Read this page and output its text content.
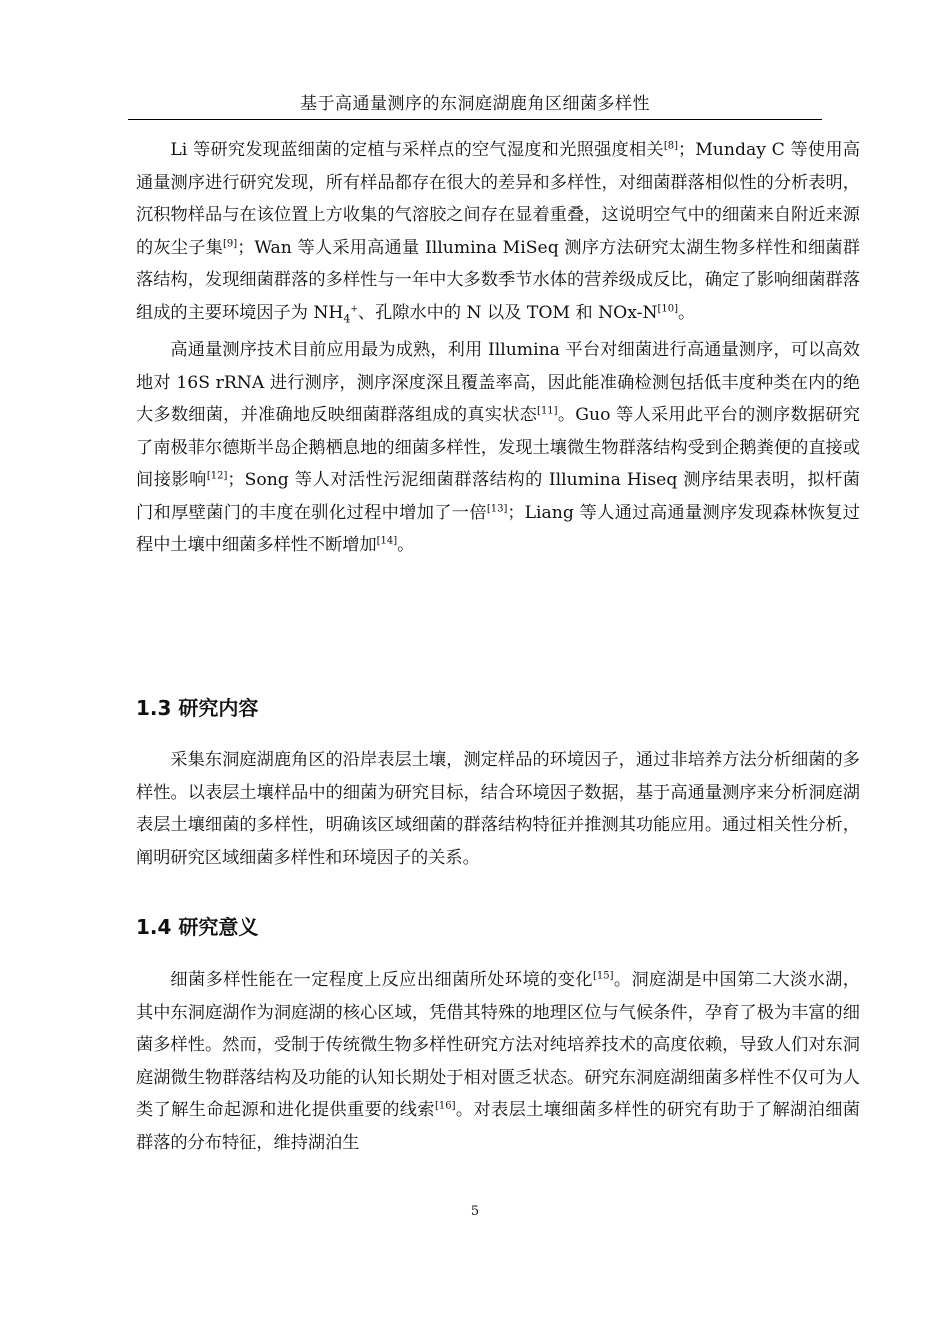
基于高通量测序的东洞庭湖鹿角区细菌多样性

Li 等研究发现蓝细菌的定植与采样点的空气湿度和光照强度相关[8]；Munday C 等使用高通量测序进行研究发现，所有样品都存在很大的差异和多样性，对细菌群落相似性的分析表明，沉积物样品与在该位置上方收集的气溶胶之间存在显着重叠，这说明空气中的细菌来自附近来源的灰尘子集[9]；Wan 等人采用高通量 Illumina MiSeq 测序方法研究太湖生物多样性和细菌群落结构，发现细菌群落的多样性与一年中大多数季节水体的营养级成反比，确定了影响细菌群落组成的主要环境因子为 $NH_4^+$、孔隙水中的 N 以及 TOM 和 NOx-N[10]。

高通量测序技术目前应用最为成熟，利用 Illumina 平台对细菌进行高通量测序，可以高效地对 16S rRNA 进行测序，测序深度深且覆盖率高，因此能准确检测包括低丰度种类在内的绝大多数细菌，并准确地反映细菌群落组成的真实状态[11]。Guo 等人采用此平台的测序数据研究了南极菲尔德斯半岛企鹅栖息地的细菌多样性，发现土壤微生物群落结构受到企鹅粪便的直接或间接影响[12]；Song 等人对活性污泥细菌群落结构的 Illumina Hiseq 测序结果表明，拟杆菌门和厚壁菌门的丰度在驯化过程中增加了一倍[13]；Liang 等人通过高通量测序发现森林恢复过程中土壤中细菌多样性不断增加[14]。

1.3 研究内容

采集东洞庭湖鹿角区的沿岸表层土壤，测定样品的环境因子，通过非培养方法分析细菌的多样性。以表层土壤样品中的细菌为研究目标，结合环境因子数据，基于高通量测序来分析洞庭湖表层土壤细菌的多样性，明确该区域细菌的群落结构特征并推测其功能应用。通过相关性分析，阐明研究区域细菌多样性和环境因子的关系。

1.4 研究意义

细菌多样性能在一定程度上反应出细菌所处环境的变化[15]。洞庭湖是中国第二大淡水湖，其中东洞庭湖作为洞庭湖的核心区域，凭借其特殊的地理区位与气候条件，孕育了极为丰富的细菌多样性。然而，受制于传统微生物多样性研究方法对纯培养技术的高度依赖，导致人们对东洞庭湖微生物群落结构及功能的认知长期处于相对匮乏状态。研究东洞庭湖细菌多样性不仅可为人类了解生命起源和进化提供重要的线索[16]。对表层土壤细菌多样性的研究有助于了解湖泊细菌群落的分布特征，维持湖泊生

5
